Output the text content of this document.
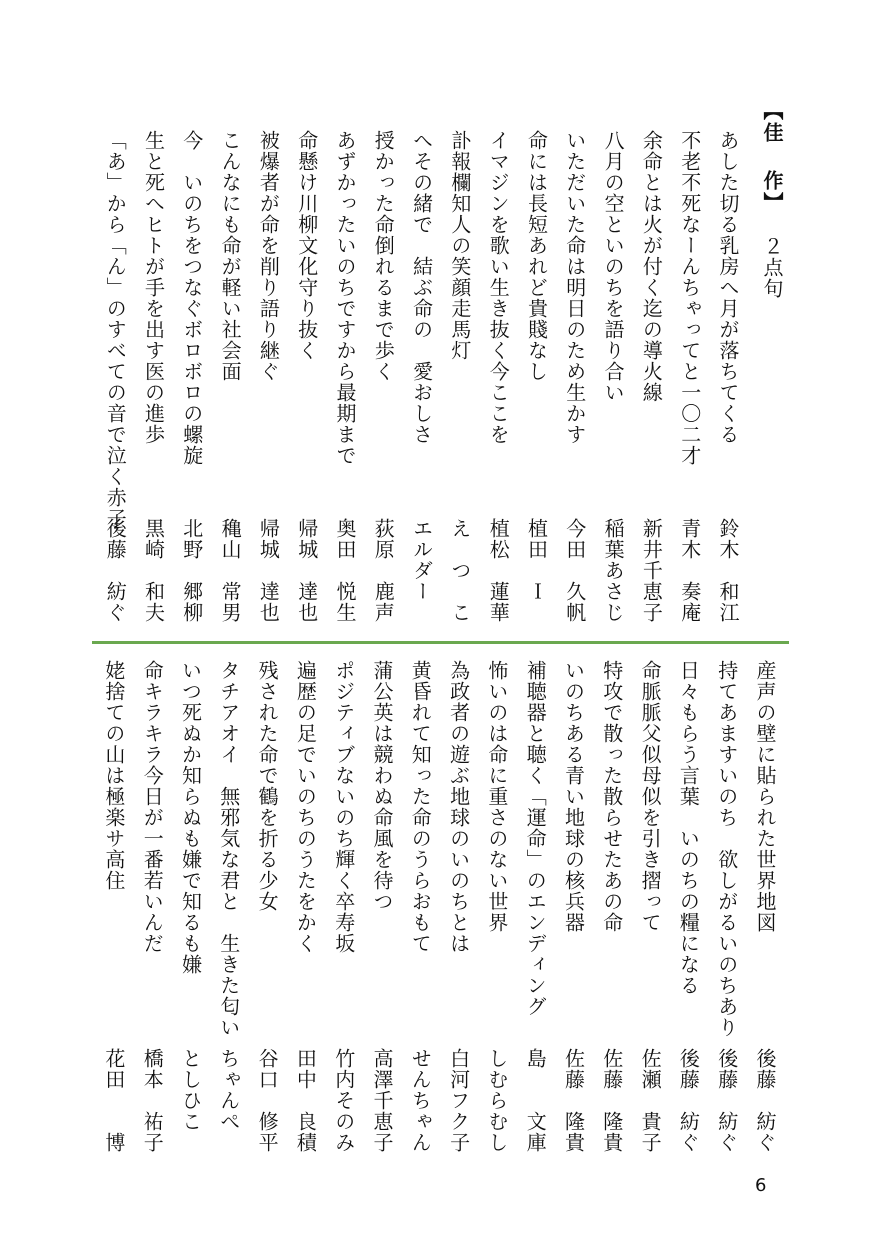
【佳 作】２点句
あした切る乳房へ月が落ちてくる
鈴木　和江
不老不死なーんちゃってと一〇二才
青木　奏庵
余命とは火が付く迄の導火線
新井千恵子
八月の空といのちを語り合い
稲葉あさじ
いただいた命は明日のため生かす
今田　久帆
命には長短あれど貴賤なし
植田　Ｉ
イマジンを歌い生き抜く今ここを
植松　蓮華
訃報欄知人の笑顔走馬灯
え　つ　こ
へその緒で　結ぶ命の　愛おしさ
エルダー
授かった命倒れるまで歩く
荻原　鹿声
あずかったいのちですから最期まで
奥田　悦生
命懸け川柳文化守り抜く
帰城　達也
被爆者が命を削り語り継ぐ
帰城　達也
こんなにも命が軽い社会面
穐山　常男
今　いのちをつなぐボロボロの螺旋
北野　郷柳
生と死へヒトが手を出す医の進歩
黒崎　和夫
「あ」から「ん」のすべての音で泣く赤子
後藤　紡ぐ
産声の壁に貼られた世界地図
後藤　紡ぐ
持てあますいのち　欲しがるいのちあり
後藤　紡ぐ
日々もらう言葉　いのちの糧になる
後藤　紡ぐ
命脈脈父似母似を引き摺って
佐瀬　貴子
特攻で散った散らせたあの命
佐藤　隆貴
いのちある青い地球の核兵器
佐藤　隆貴
補聴器と聴く「運命」のエンディング
島　　文庫
怖いのは命に重さのない世界
しむらむし
為政者の遊ぶ地球のいのちとは
白河フク子
黄昏れて知った命のうらおもて
せんちゃん
蒲公英は競わぬ命風を待つ
高澤千恵子
ポジティブないのち輝く卒寿坂
竹内そのみ
遍歴の足でいのちのうたをかく
田中　良積
残された命で鶴を折る少女
谷口　修平
タチアオイ　無邪気な君と　生きた匂い
ちゃんぺ
いつ死ぬか知らぬも嫌で知るも嫌
としひこ
命キラキラ今日が一番若いんだ
橋本　祐子
姥捨ての山は極楽サ高住
花田　　博
6
